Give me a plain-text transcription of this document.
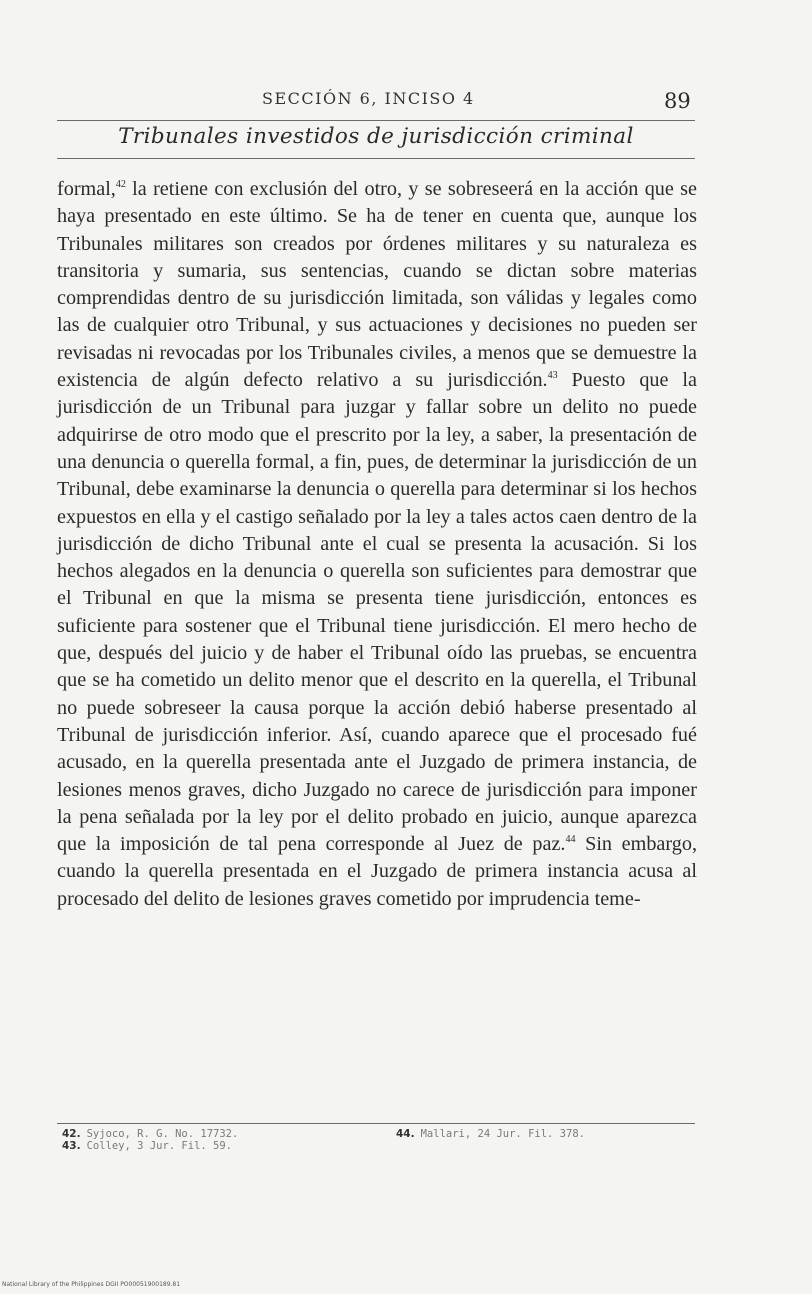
SECCIÓN 6, INCISO 4	89
Tribunales investidos de jurisdicción criminal
formal,$^{42}$ la retiene con exclusión del otro, y se sobreseerá en la acción que se haya presentado en este último. Se ha de tener en cuenta que, aunque los Tribunales militares son creados por órdenes militares y su naturaleza es transitoria y sumaria, sus sentencias, cuando se dictan sobre materias comprendidas dentro de su jurisdicción limitada, son válidas y legales como las de cualquier otro Tribunal, y sus actuaciones y decisiones no pueden ser revisadas ni revocadas por los Tribunales civiles, a menos que se demuestre la existencia de algún defecto relativo a su jurisdicción.$^{43}$ Puesto que la jurisdicción de un Tribunal para juzgar y fallar sobre un delito no puede adquirirse de otro modo que el prescrito por la ley, a saber, la presentación de una denuncia o querella formal, a fin, pues, de determinar la jurisdicción de un Tribunal, debe examinarse la denuncia o querella para determinar si los hechos expuestos en ella y el castigo señalado por la ley a tales actos caen dentro de la jurisdicción de dicho Tribunal ante el cual se presenta la acusación. Si los hechos alegados en la denuncia o querella son suficientes para demostrar que el Tribunal en que la misma se presenta tiene jurisdicción, entonces es suficiente para sostener que el Tribunal tiene jurisdicción. El mero hecho de que, después del juicio y de haber el Tribunal oído las pruebas, se encuentra que se ha cometido un delito menor que el descrito en la querella, el Tribunal no puede sobreseer la causa porque la acción debió haberse presentado al Tribunal de jurisdicción inferior. Así, cuando aparece que el procesado fué acusado, en la querella presentada ante el Juzgado de primera instancia, de lesiones menos graves, dicho Juzgado no carece de jurisdicción para imponer la pena señalada por la ley por el delito probado en juicio, aunque aparezca que la imposición de tal pena corresponde al Juez de paz.$^{44}$ Sin embargo, cuando la querella presentada en el Juzgado de primera instancia acusa al procesado del delito de lesiones graves cometido por imprudencia teme-
42. Syjoco, R. G. No. 17732.
43. Colley, 3 Jur. Fil. 59.
44. Mallari, 24 Jur. Fil. 378.
National Library of the Philippines DGII PO00051900189.81
